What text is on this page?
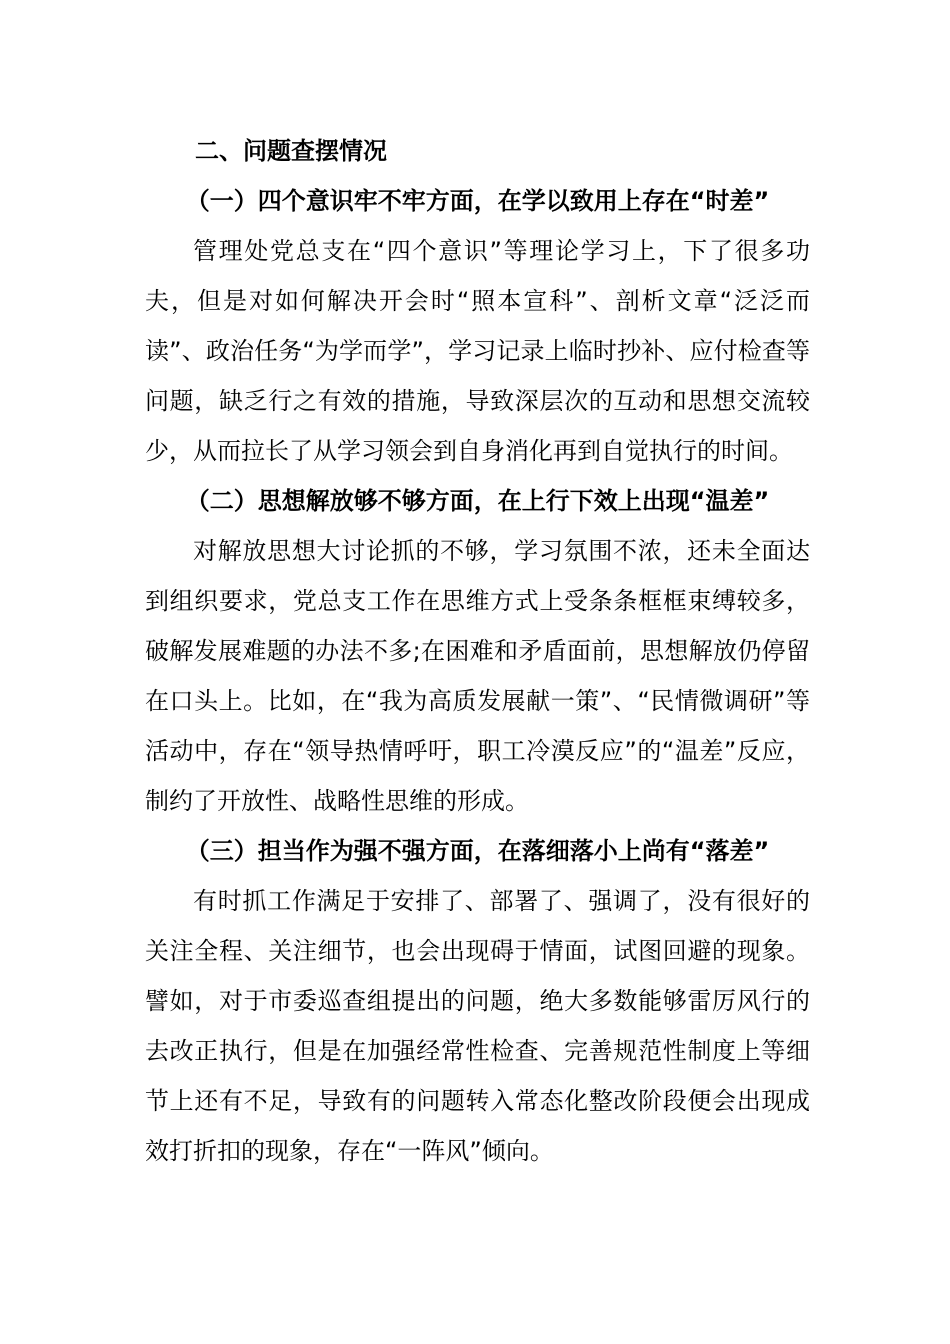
二、问题查摆情况
（一）四个意识牢不牢方面，在学以致用上存在“时差”

管理处党总支在“四个意识”等理论学习上，下了很多功夫，但是对如何解决开会时“照本宣科”、剖析文章“泛泛而读”、政治任务“为学而学”，学习记录上临时抄补、应付检查等问题，缺乏行之有效的措施，导致深层次的互动和思想交流较少，从而拉长了从学习领会到自身消化再到自觉执行的时间。

（二）思想解放够不够方面，在上行下效上出现“温差”

对解放思想大讨论抓的不够，学习氛围不浓，还未全面达到组织要求，党总支工作在思维方式上受条条框框束缚较多，破解发展难题的办法不多;在困难和矛盾面前，思想解放仍停留在口头上。比如，在“我为高质发展献一策”、“民情微调研”等活动中，存在“领导热情呼吁，职工冷漠反应”的“温差”反应，制约了开放性、战略性思维的形成。

（三）担当作为强不强方面，在落细落小上尚有“落差”

有时抓工作满足于安排了、部署了、强调了，没有很好的关注全程、关注细节，也会出现碍于情面，试图回避的现象。譬如，对于市委巡查组提出的问题，绝大多数能够雷厉风行的去改正执行，但是在加强经常性检查、完善规范性制度上等细节上还有不足，导致有的问题转入常态化整改阶段便会出现成效打折扣的现象，存在“一阵风”倾向。
